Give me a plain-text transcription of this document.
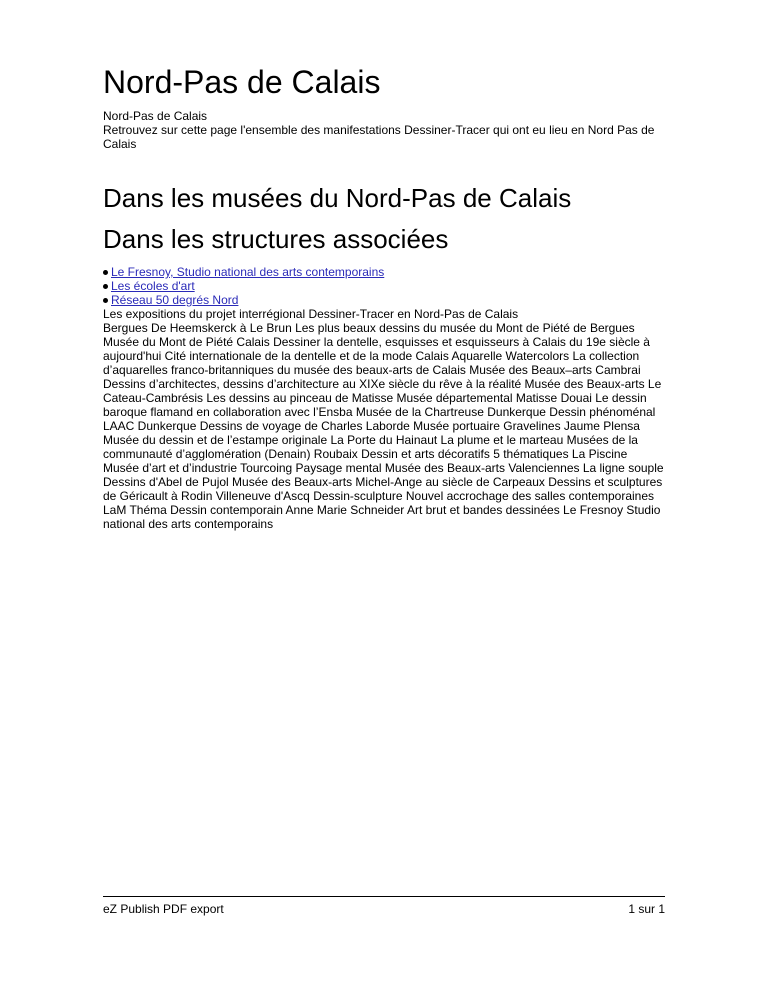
Nord-Pas de Calais
Nord-Pas de Calais
Retrouvez sur cette page l'ensemble des manifestations Dessiner-Tracer qui ont eu lieu en Nord Pas de Calais
Dans les musées du Nord-Pas de Calais
Dans les structures associées
Le Fresnoy, Studio national des arts contemporains
Les écoles d'art
Réseau 50 degrés Nord
Les expositions du projet interrégional Dessiner-Tracer en Nord-Pas de Calais
Bergues De Heemskerck à Le Brun Les plus beaux dessins du musée du Mont de Piété de Bergues Musée du Mont de Piété Calais Dessiner la dentelle, esquisses et esquisseurs à Calais du 19e siècle à aujourd'hui Cité internationale de la dentelle et de la mode Calais Aquarelle Watercolors La collection d’aquarelles franco-britanniques du musée des beaux-arts de Calais Musée des Beaux–arts Cambrai Dessins d’architectes, dessins d’architecture au XIXe siècle du rêve à la réalité Musée des Beaux-arts Le Cateau-Cambrésis Les dessins au pinceau de Matisse Musée départemental Matisse Douai Le dessin baroque flamand en collaboration avec l’Ensba Musée de la Chartreuse Dunkerque Dessin phénoménal LAAC Dunkerque Dessins de voyage de Charles Laborde Musée portuaire Gravelines Jaume Plensa Musée du dessin et de l’estampe originale La Porte du Hainaut La plume et le marteau Musées de la communauté d’agglomération (Denain) Roubaix Dessin et arts décoratifs 5 thématiques La Piscine Musée d’art et d’industrie Tourcoing Paysage mental Musée des Beaux-arts Valenciennes La ligne souple Dessins d'Abel de Pujol Musée des Beaux-arts Michel-Ange au siècle de Carpeaux Dessins et sculptures de Géricault à Rodin Villeneuve d'Ascq Dessin-sculpture Nouvel accrochage des salles contemporaines LaM Théma Dessin contemporain Anne Marie Schneider Art brut et bandes dessinées Le Fresnoy Studio national des arts contemporains
eZ Publish PDF export	1 sur 1
